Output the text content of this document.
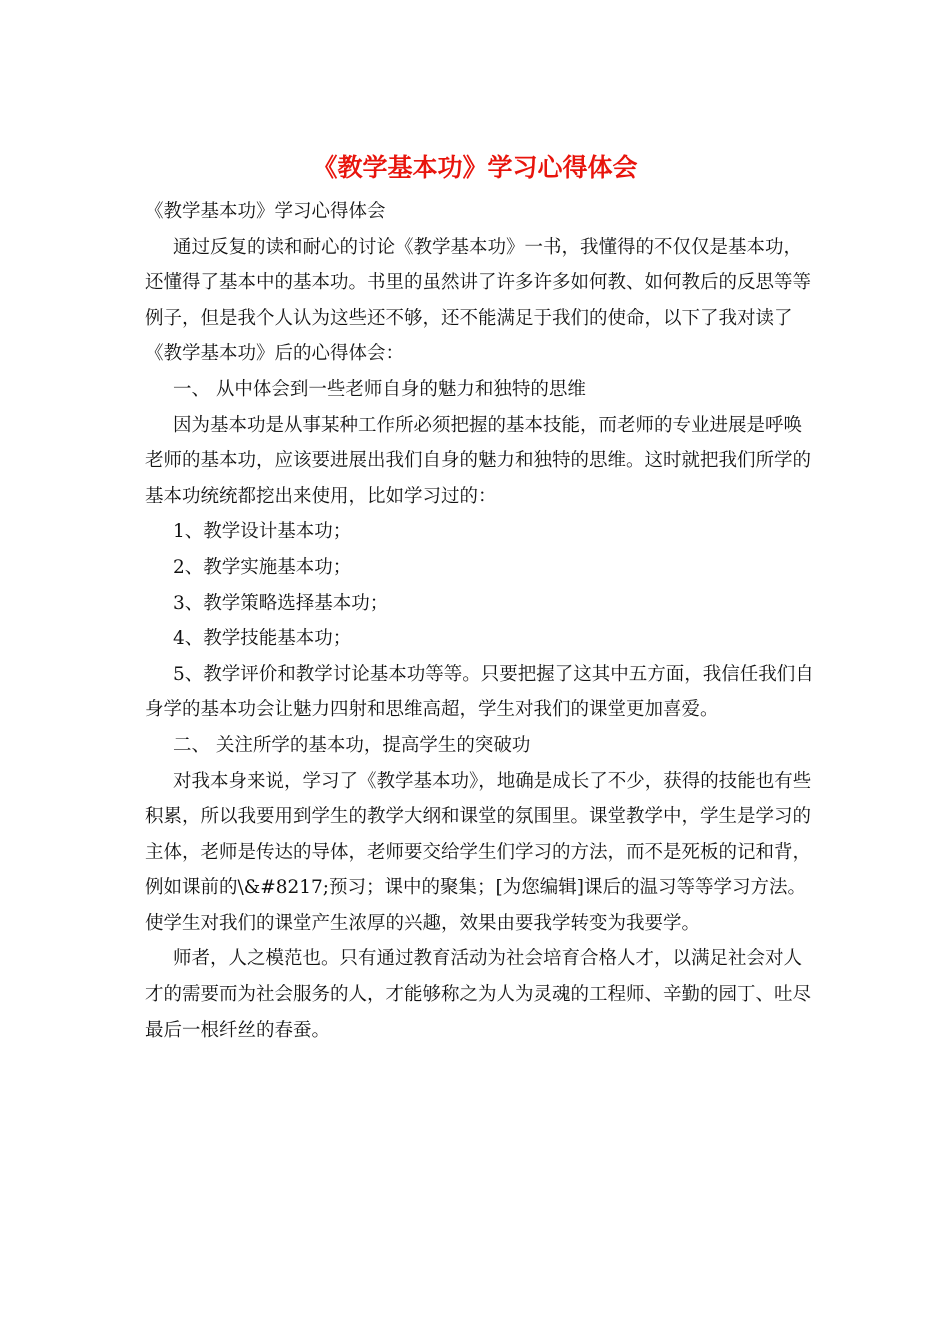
《教学基本功》学习心得体会

《教学基本功》学习心得体会

通过反复的读和耐心的讨论《教学基本功》一书，我懂得的不仅仅是基本功，还懂得了基本中的基本功。书里的虽然讲了许多许多如何教、如何教后的反思等等例子，但是我个人认为这些还不够，还不能满足于我们的使命，以下了我对读了《教学基本功》后的心得体会：

一、 从中体会到一些老师自身的魅力和独特的思维

因为基本功是从事某种工作所必须把握的基本技能，而老师的专业进展是呼唤老师的基本功，应该要进展出我们自身的魅力和独特的思维。这时就把我们所学的基本功统统都挖出来使用，比如学习过的：

1、教学设计基本功；

2、教学实施基本功；

3、教学策略选择基本功；

4、教学技能基本功；

5、教学评价和教学讨论基本功等等。只要把握了这其中五方面，我信任我们自身学的基本功会让魅力四射和思维高超，学生对我们的课堂更加喜爱。

二、 关注所学的基本功，提高学生的突破功

对我本身来说，学习了《教学基本功》，地确是成长了不少，获得的技能也有些积累，所以我要用到学生的教学大纲和课堂的氛围里。课堂教学中，学生是学习的主体，老师是传达的导体，老师要交给学生们学习的方法，而不是死板的记和背，例如课前的\&#8217;预习；课中的聚集；[为您编辑]课后的温习等等学习方法。使学生对我们的课堂产生浓厚的兴趣，效果由要我学转变为我要学。

师者，人之模范也。只有通过教育活动为社会培育合格人才，以满足社会对人才的需要而为社会服务的人，才能够称之为人为灵魂的工程师、辛勤的园丁、吐尽最后一根纤丝的春蚕。
